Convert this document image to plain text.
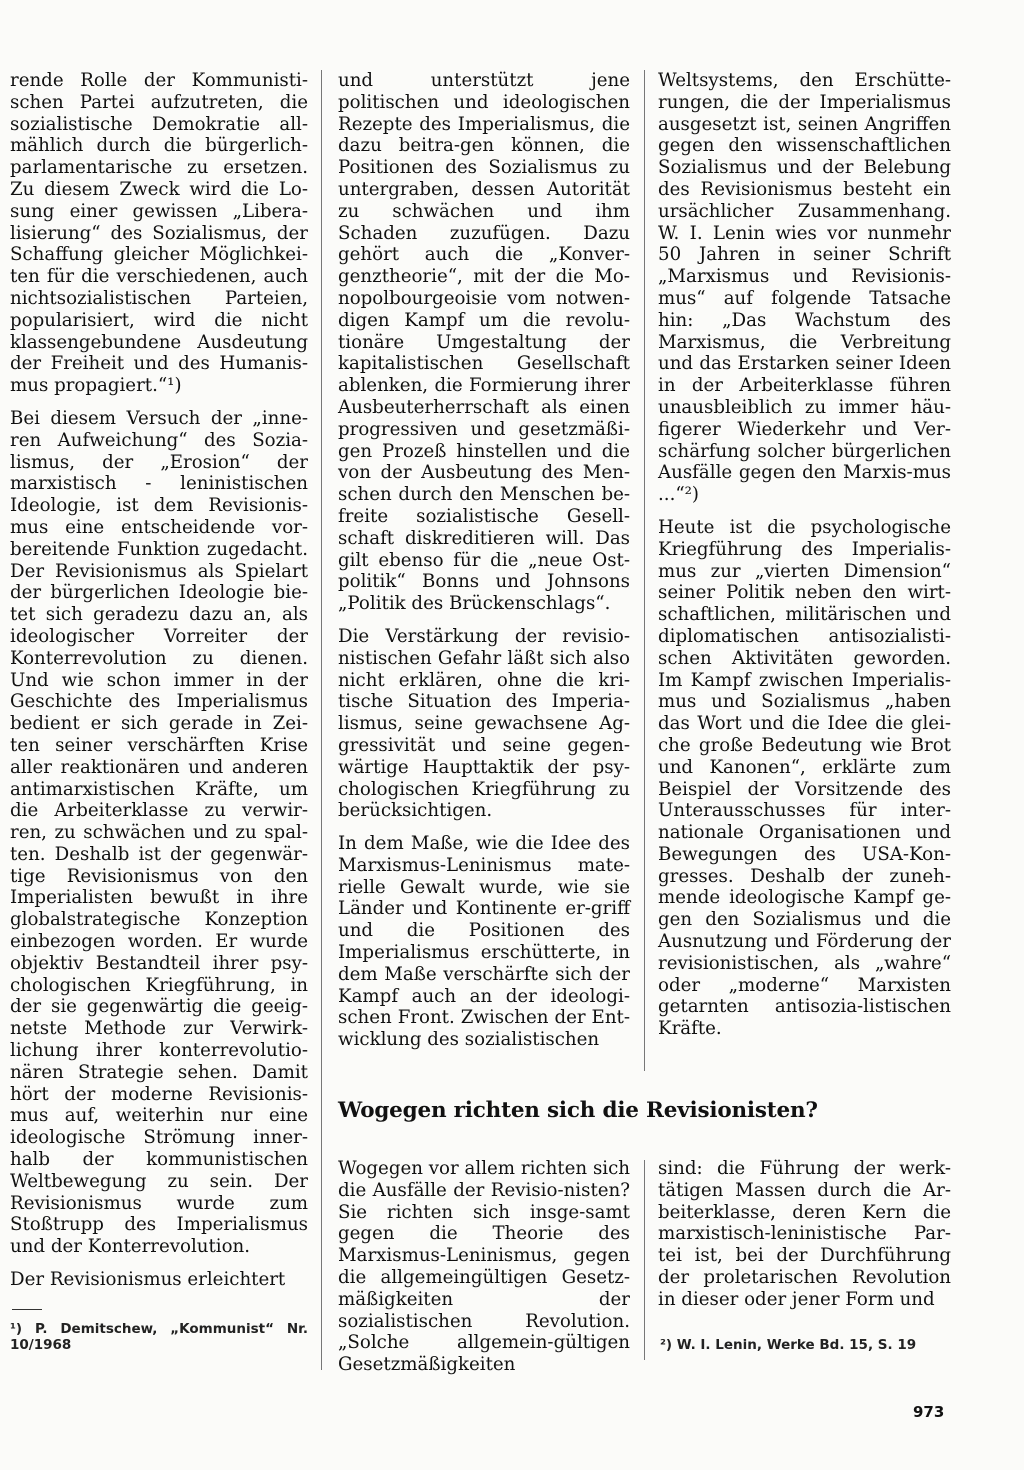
rende Rolle der Kommunisti-schen Partei aufzutreten, die sozialistische Demokratie all-mählich durch die bürgerlich-parlamentarische zu ersetzen. Zu diesem Zweck wird die Lo-sung einer gewissen „Libera-lisierung“ des Sozialismus, der Schaffung gleicher Möglichkei-ten für die verschiedenen, auch nichtsozialistischen Parteien, popularisiert, wird die nicht klassengebundene Ausdeutung der Freiheit und des Humanis-mus propagiert.“¹)

Bei diesem Versuch der „inne-ren Aufweichung“ des Sozia-lismus, der „Erosion“ der marxistisch - leninistischen Ideologie, ist dem Revisionis-mus eine entscheidende vor-bereitende Funktion zugedacht. Der Revisionismus als Spielart der bürgerlichen Ideologie bie-tet sich geradezu dazu an, als ideologischer Vorreiter der Konterrevolution zu dienen. Und wie schon immer in der Geschichte des Imperialismus bedient er sich gerade in Zei-ten seiner verschärften Krise aller reaktionären und anderen antimarxistischen Kräfte, um die Arbeiterklasse zu verwir-ren, zu schwächen und zu spal-ten. Deshalb ist der gegenwär-tige Revisionismus von den Imperialisten bewußt in ihre globalstrategische Konzeption einbezogen worden. Er wurde objektiv Bestandteil ihrer psy-chologischen Kriegführung, in der sie gegenwärtig die geeig-netste Methode zur Verwirk-lichung ihrer konterrevolutio-nären Strategie sehen. Damit hört der moderne Revisionis-mus auf, weiterhin nur eine ideologische Strömung inner-halb der kommunistischen Weltbewegung zu sein. Der Revisionismus wurde zum Stoßtrupp des Imperialismus und der Konterrevolution.

Der Revisionismus erleichtert

und unterstützt jene politischen und ideologischen Rezepte des Imperialismus, die dazu beitra-gen können, die Positionen des Sozialismus zu untergraben, dessen Autorität zu schwächen und ihm Schaden zuzufügen. Dazu gehört auch die „Konver-genztheorie“, mit der die Mo-nopolbourgeoisie vom notwen-digen Kampf um die revolu-tionäre Umgestaltung der kapitalistischen Gesellschaft ablenken, die Formierung ihrer Ausbeuterherrschaft als einen progressiven und gesetzmäßi-gen Prozeß hinstellen und die von der Ausbeutung des Men-schen durch den Menschen be-freite sozialistische Gesell-schaft diskreditieren will. Das gilt ebenso für die „neue Ost-politik“ Bonns und Johnsons „Politik des Brückenschlags“.

Die Verstärkung der revisio-nistischen Gefahr läßt sich also nicht erklären, ohne die kri-tische Situation des Imperia-lismus, seine gewachsene Ag-gressivität und seine gegen-wärtige Haupttaktik der psy-chologischen Kriegführung zu berücksichtigen.

In dem Maße, wie die Idee des Marxismus-Leninismus mate-rielle Gewalt wurde, wie sie Länder und Kontinente er-griff und die Positionen des Imperialismus erschütterte, in dem Maße verschärfte sich der Kampf auch an der ideologi-schen Front. Zwischen der Ent-wicklung des sozialistischen

Weltsystems, den Erschütte-rungen, die der Imperialismus ausgesetzt ist, seinen Angriffen gegen den wissenschaftlichen Sozialismus und der Belebung des Revisionismus besteht ein ursächlicher Zusammenhang. W. I. Lenin wies vor nunmehr 50 Jahren in seiner Schrift „Marxismus und Revisionis-mus“ auf folgende Tatsache hin: „Das Wachstum des Marxismus, die Verbreitung und das Erstarken seiner Ideen in der Arbeiterklasse führen unausbleiblich zu immer häu-figerer Wiederkehr und Ver-schärfung solcher bürgerlichen Ausfälle gegen den Marxis-mus ...“²)

Heute ist die psychologische Kriegführung des Imperialis-mus zur „vierten Dimension“ seiner Politik neben den wirt-schaftlichen, militärischen und diplomatischen antisozialisti-schen Aktivitäten geworden. Im Kampf zwischen Imperialis-mus und Sozialismus „haben das Wort und die Idee die glei-che große Bedeutung wie Brot und Kanonen“, erklärte zum Beispiel der Vorsitzende des Unterausschusses für inter-nationale Organisationen und Bewegungen des USA-Kon-gresses. Deshalb der zuneh-mende ideologische Kampf ge-gen den Sozialismus und die Ausnutzung und Förderung der revisionistischen, als „wahre“ oder „moderne“ Marxisten getarnten antisozia-listischen Kräfte.

Wogegen richten sich die Revisionisten?

Wogegen vor allem richten sich die Ausfälle der Revisio-nisten? Sie richten sich insge-samt gegen die Theorie des Marxismus-Leninismus, gegen die allgemeingültigen Gesetz-mäßigkeiten der sozialistischen Revolution. „Solche allgemein-gültigen Gesetzmäßigkeiten

sind: die Führung der werk-tätigen Massen durch die Ar-beiterklasse, deren Kern die marxistisch-leninistische Par-tei ist, bei der Durchführung der proletarischen Revolution in dieser oder jener Form und

¹) P. Demitschew, „Kommunist“ Nr. 10/1968	²) W. I. Lenin, Werke Bd. 15, S. 19
973
